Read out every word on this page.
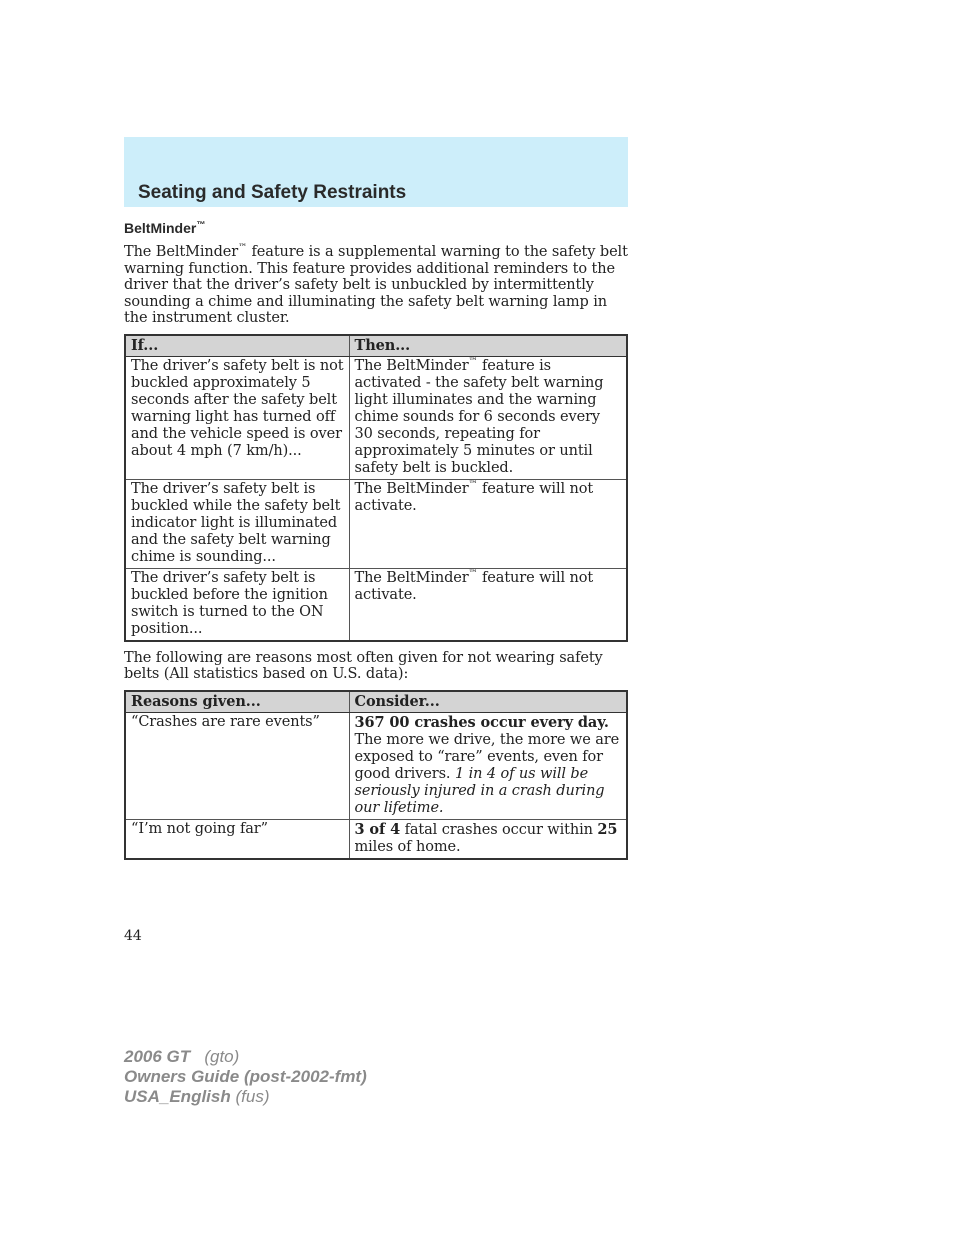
Seating and Safety Restraints
BeltMinder™

The BeltMinder™ feature is a supplemental warning to the safety belt warning function. This feature provides additional reminders to the driver that the driver’s safety belt is unbuckled by intermittently sounding a chime and illuminating the safety belt warning lamp in the instrument cluster.

If...	Then...
The driver’s safety belt is not buckled approximately 5 seconds after the safety belt warning light has turned off and the vehicle speed is over about 4 mph (7 km/h)...	The BeltMinder™ feature is activated - the safety belt warning light illuminates and the warning chime sounds for 6 seconds every 30 seconds, repeating for approximately 5 minutes or until safety belt is buckled.
The driver’s safety belt is buckled while the safety belt indicator light is illuminated and the safety belt warning chime is sounding...	The BeltMinder™ feature will not activate.
The driver’s safety belt is buckled before the ignition switch is turned to the ON position...	The BeltMinder™ feature will not activate.

The following are reasons most often given for not wearing safety belts (All statistics based on U.S. data):

Reasons given...	Consider...
“Crashes are rare events”	367 00 crashes occur every day. The more we drive, the more we are exposed to “rare” events, even for good drivers. 1 in 4 of us will be seriously injured in a crash during our lifetime.
“I’m not going far”	3 of 4 fatal crashes occur within 25 miles of home.

44

2006 GT (gto)
Owners Guide (post-2002-fmt)
USA_English (fus)
